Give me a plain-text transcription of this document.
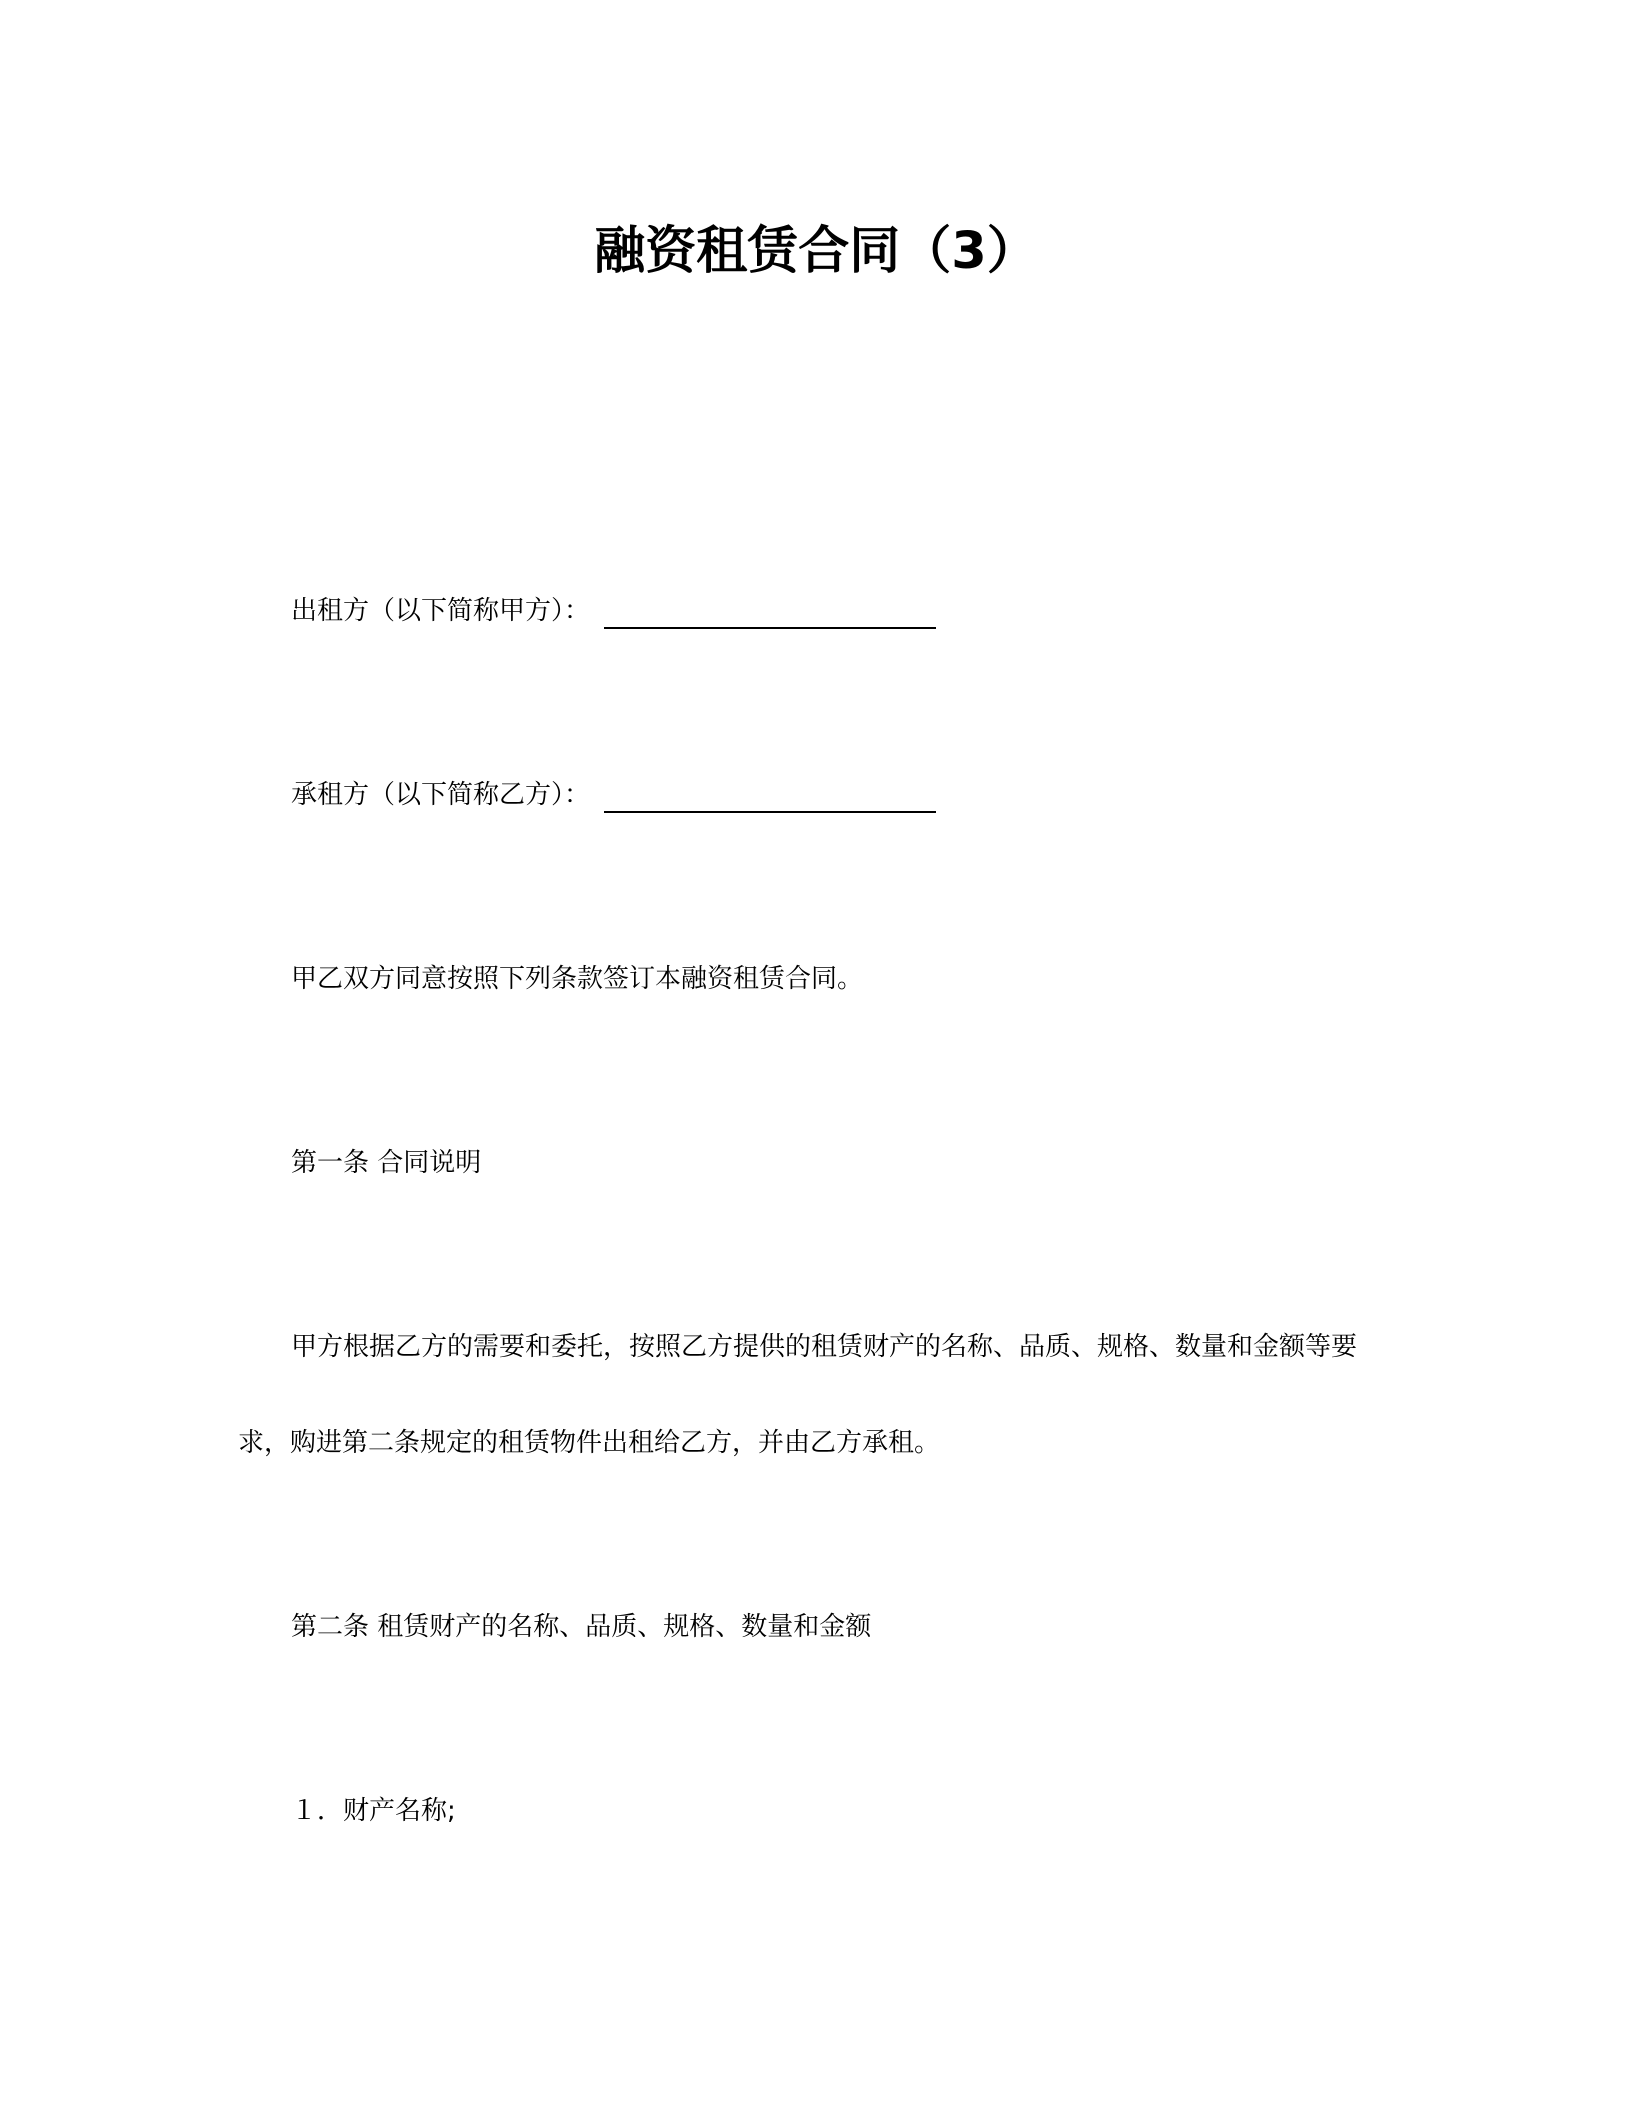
融资租赁合同（3）
出租方（以下简称甲方）：
承租方（以下简称乙方）：
甲乙双方同意按照下列条款签订本融资租赁合同。
第一条 合同说明
甲方根据乙方的需要和委托，按照乙方提供的租赁财产的名称、品质、规格、数量和金额等要
求，购进第二条规定的租赁物件出租给乙方，并由乙方承租。
第二条 租赁财产的名称、品质、规格、数量和金额
１．财产名称;
